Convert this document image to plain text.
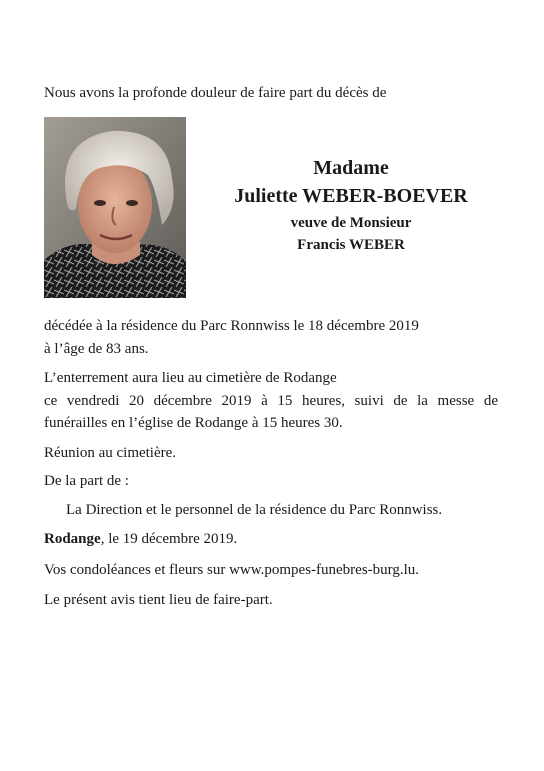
Nous avons la profonde douleur de faire part du décès de

Madame

Juliette WEBER-BOEVER

veuve de Monsieur

Francis WEBER

décédée à la résidence du Parc Ronnwiss le 18 décembre 2019

à l’âge de 83 ans.

L’enterrement aura lieu au cimetière de Rodange

ce vendredi 20 décembre 2019 à 15 heures, suivi de la messe de

funérailles en l’église de Rodange à 15 heures 30.

Réunion au cimetière.

De la part de :

La Direction et le personnel de la résidence du Parc Ronnwiss.

Rodange, le 19 décembre 2019.

Vos condoléances et fleurs sur www.pompes-funebres-burg.lu.

Le présent avis tient lieu de faire-part.
